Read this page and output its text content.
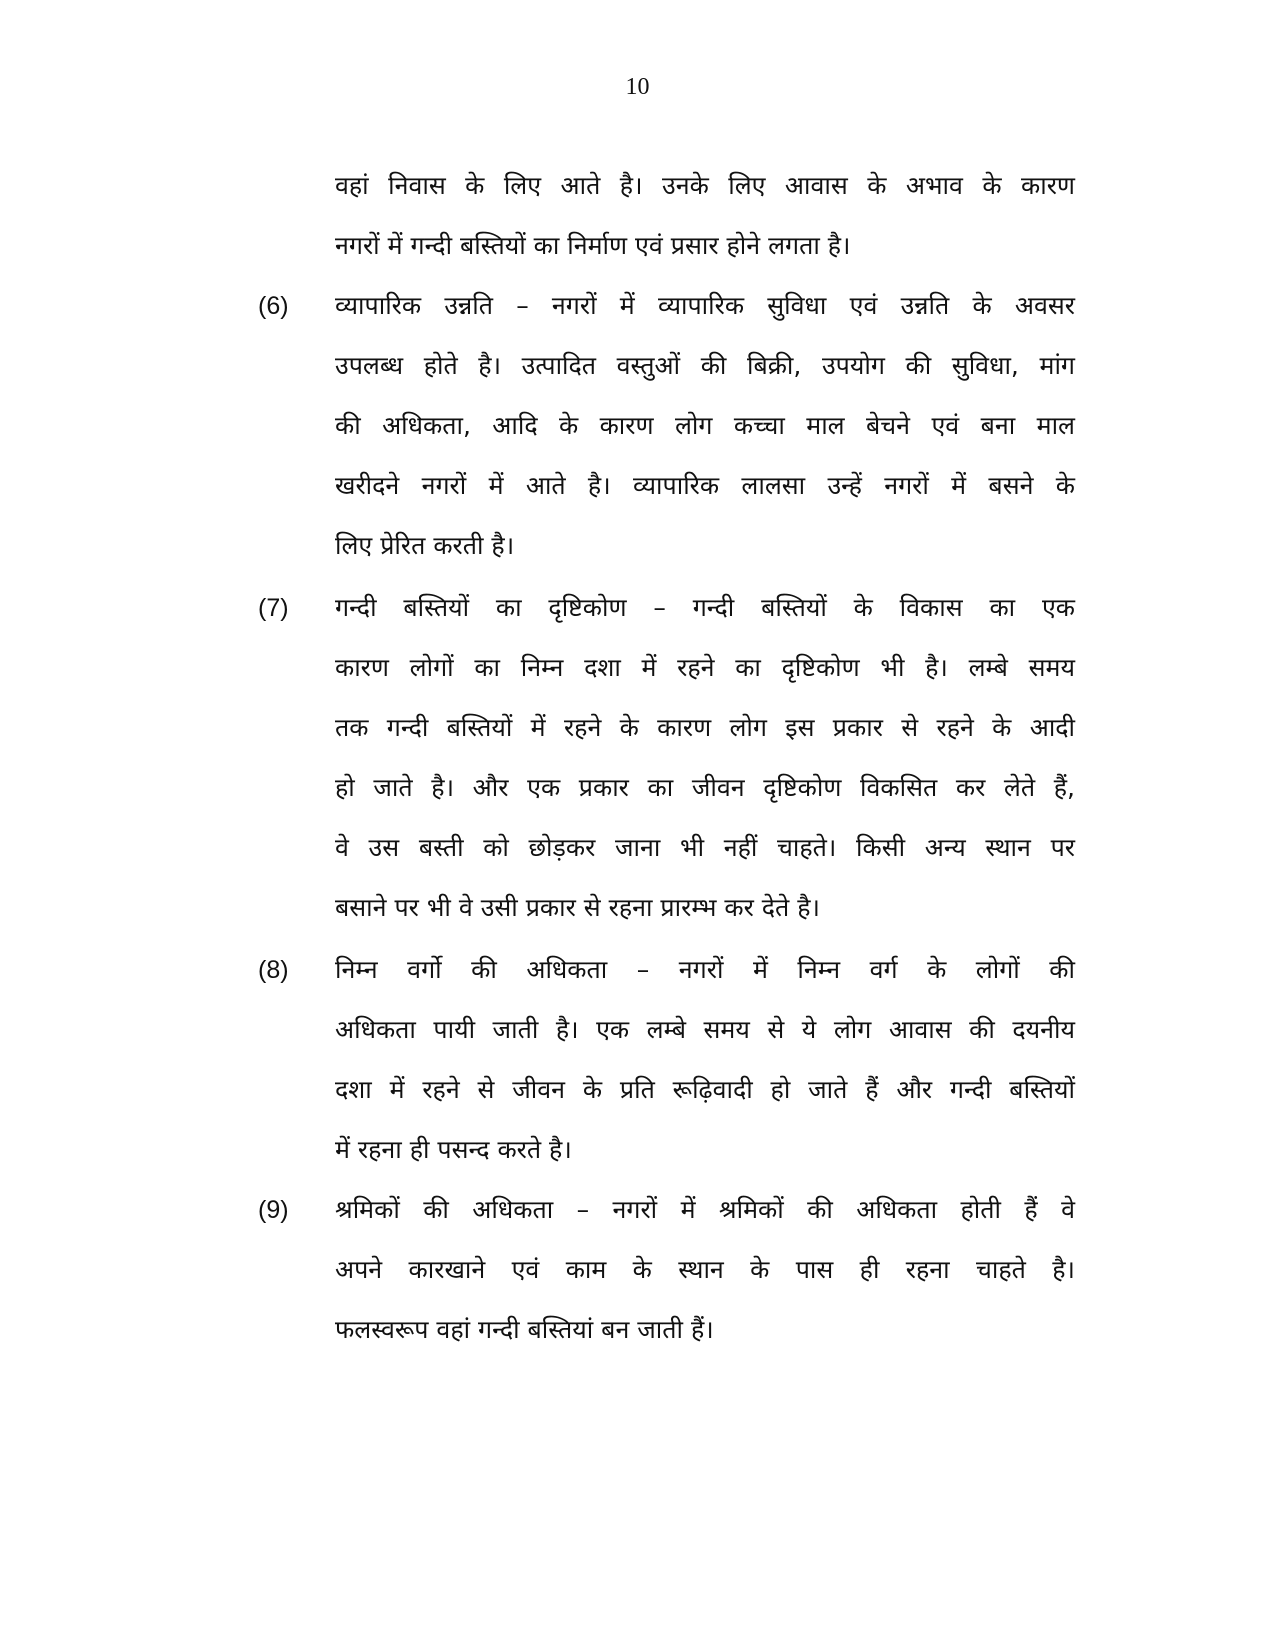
10
वहां निवास के लिए आते है। उनके लिए आवास के अभाव के कारण
नगरों में गन्दी बस्तियों का निर्माण एवं प्रसार होने लगता है।
(6)	व्यापारिक उन्नति – नगरों में व्यापारिक सुविधा एवं उन्नति के अवसर
उपलब्ध होते है। उत्पादित वस्तुओं की बिक्री, उपयोग की सुविधा, मांग
की अधिकता, आदि के कारण लोग कच्चा माल बेचने एवं बना माल
खरीदने नगरों में आते है। व्यापारिक लालसा उन्हें नगरों में बसने के
लिए प्रेरित करती है।
(7)	गन्दी बस्तियों का दृष्टिकोण – गन्दी बस्तियों के विकास का एक
कारण लोगों का निम्न दशा में रहने का दृष्टिकोण भी है। लम्बे समय
तक गन्दी बस्तियों में रहने के कारण लोग इस प्रकार से रहने के आदी
हो जाते है। और एक प्रकार का जीवन दृष्टिकोण विकसित कर लेते हैं,
वे उस बस्ती को छोड़कर जाना भी नहीं चाहते। किसी अन्य स्थान पर
बसाने पर भी वे उसी प्रकार से रहना प्रारम्भ कर देते है।
(8)	निम्न वर्गो की अधिकता – नगरों में निम्न वर्ग के लोगों की
अधिकता पायी जाती है। एक लम्बे समय से ये लोग आवास की दयनीय
दशा में रहने से जीवन के प्रति रूढ़िवादी हो जाते हैं और गन्दी बस्तियों
में रहना ही पसन्द करते है।
(9)	श्रमिकों की अधिकता – नगरों में श्रमिकों की अधिकता होती हैं वे
अपने कारखाने एवं काम के स्थान के पास ही रहना चाहते है।
फलस्वरूप वहां गन्दी बस्तियां बन जाती हैं।
